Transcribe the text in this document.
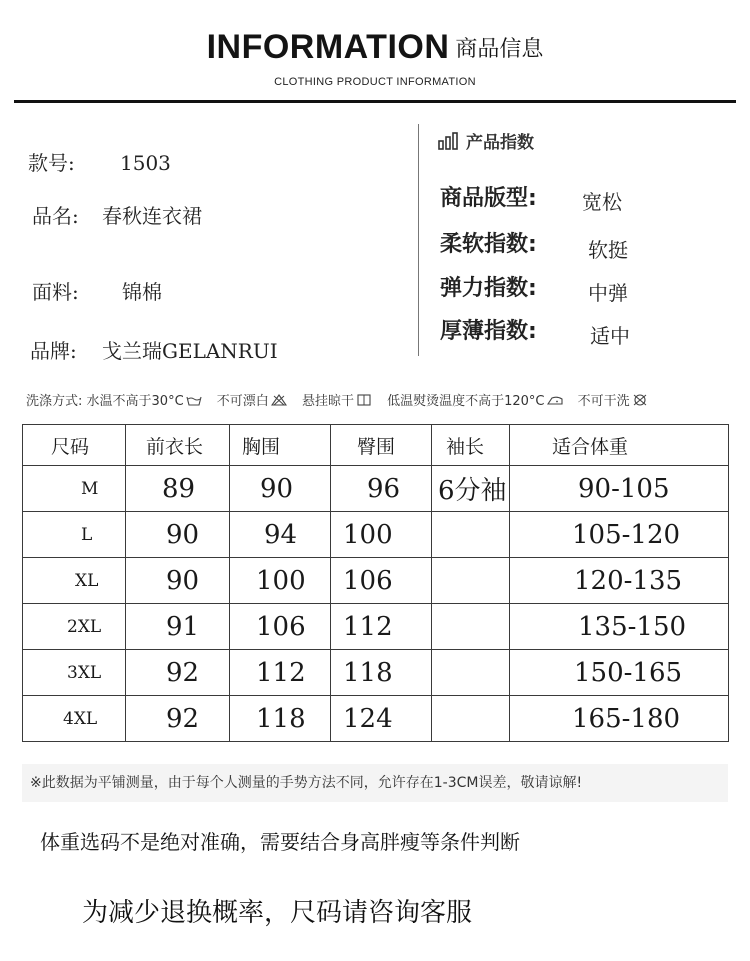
INFORMATION 商品信息
CLOTHING PRODUCT INFORMATION
款号: 1503
品名: 春秋连衣裙
面料: 锦棉
品牌: 戈兰瑞GELANRUI
产品指数
商品版型: 宽松
柔软指数:	软挺
弹力指数:	中弹
厚薄指数:	适中
洗涤方式: 水温不高于30°C	不可漂白	悬挂晾干	低温熨烫温度不高于120°C	不可干洗
尺码	前衣长	胸围	臀围	袖长	适合体重
M	89	90	96	6分袖	90-105
L	90	94	100		105-120
XL	90	100	106		120-135
2XL	91	106	112		135-150
3XL	92	112	118		150-165
4XL	92	118	124		165-180
※此数据为平铺测量，由于每个人测量的手势方法不同，允许存在1-3CM误差，敬请谅解!
体重选码不是绝对准确，需要结合身高胖瘦等条件判断
为减少退换概率，尺码请咨询客服
